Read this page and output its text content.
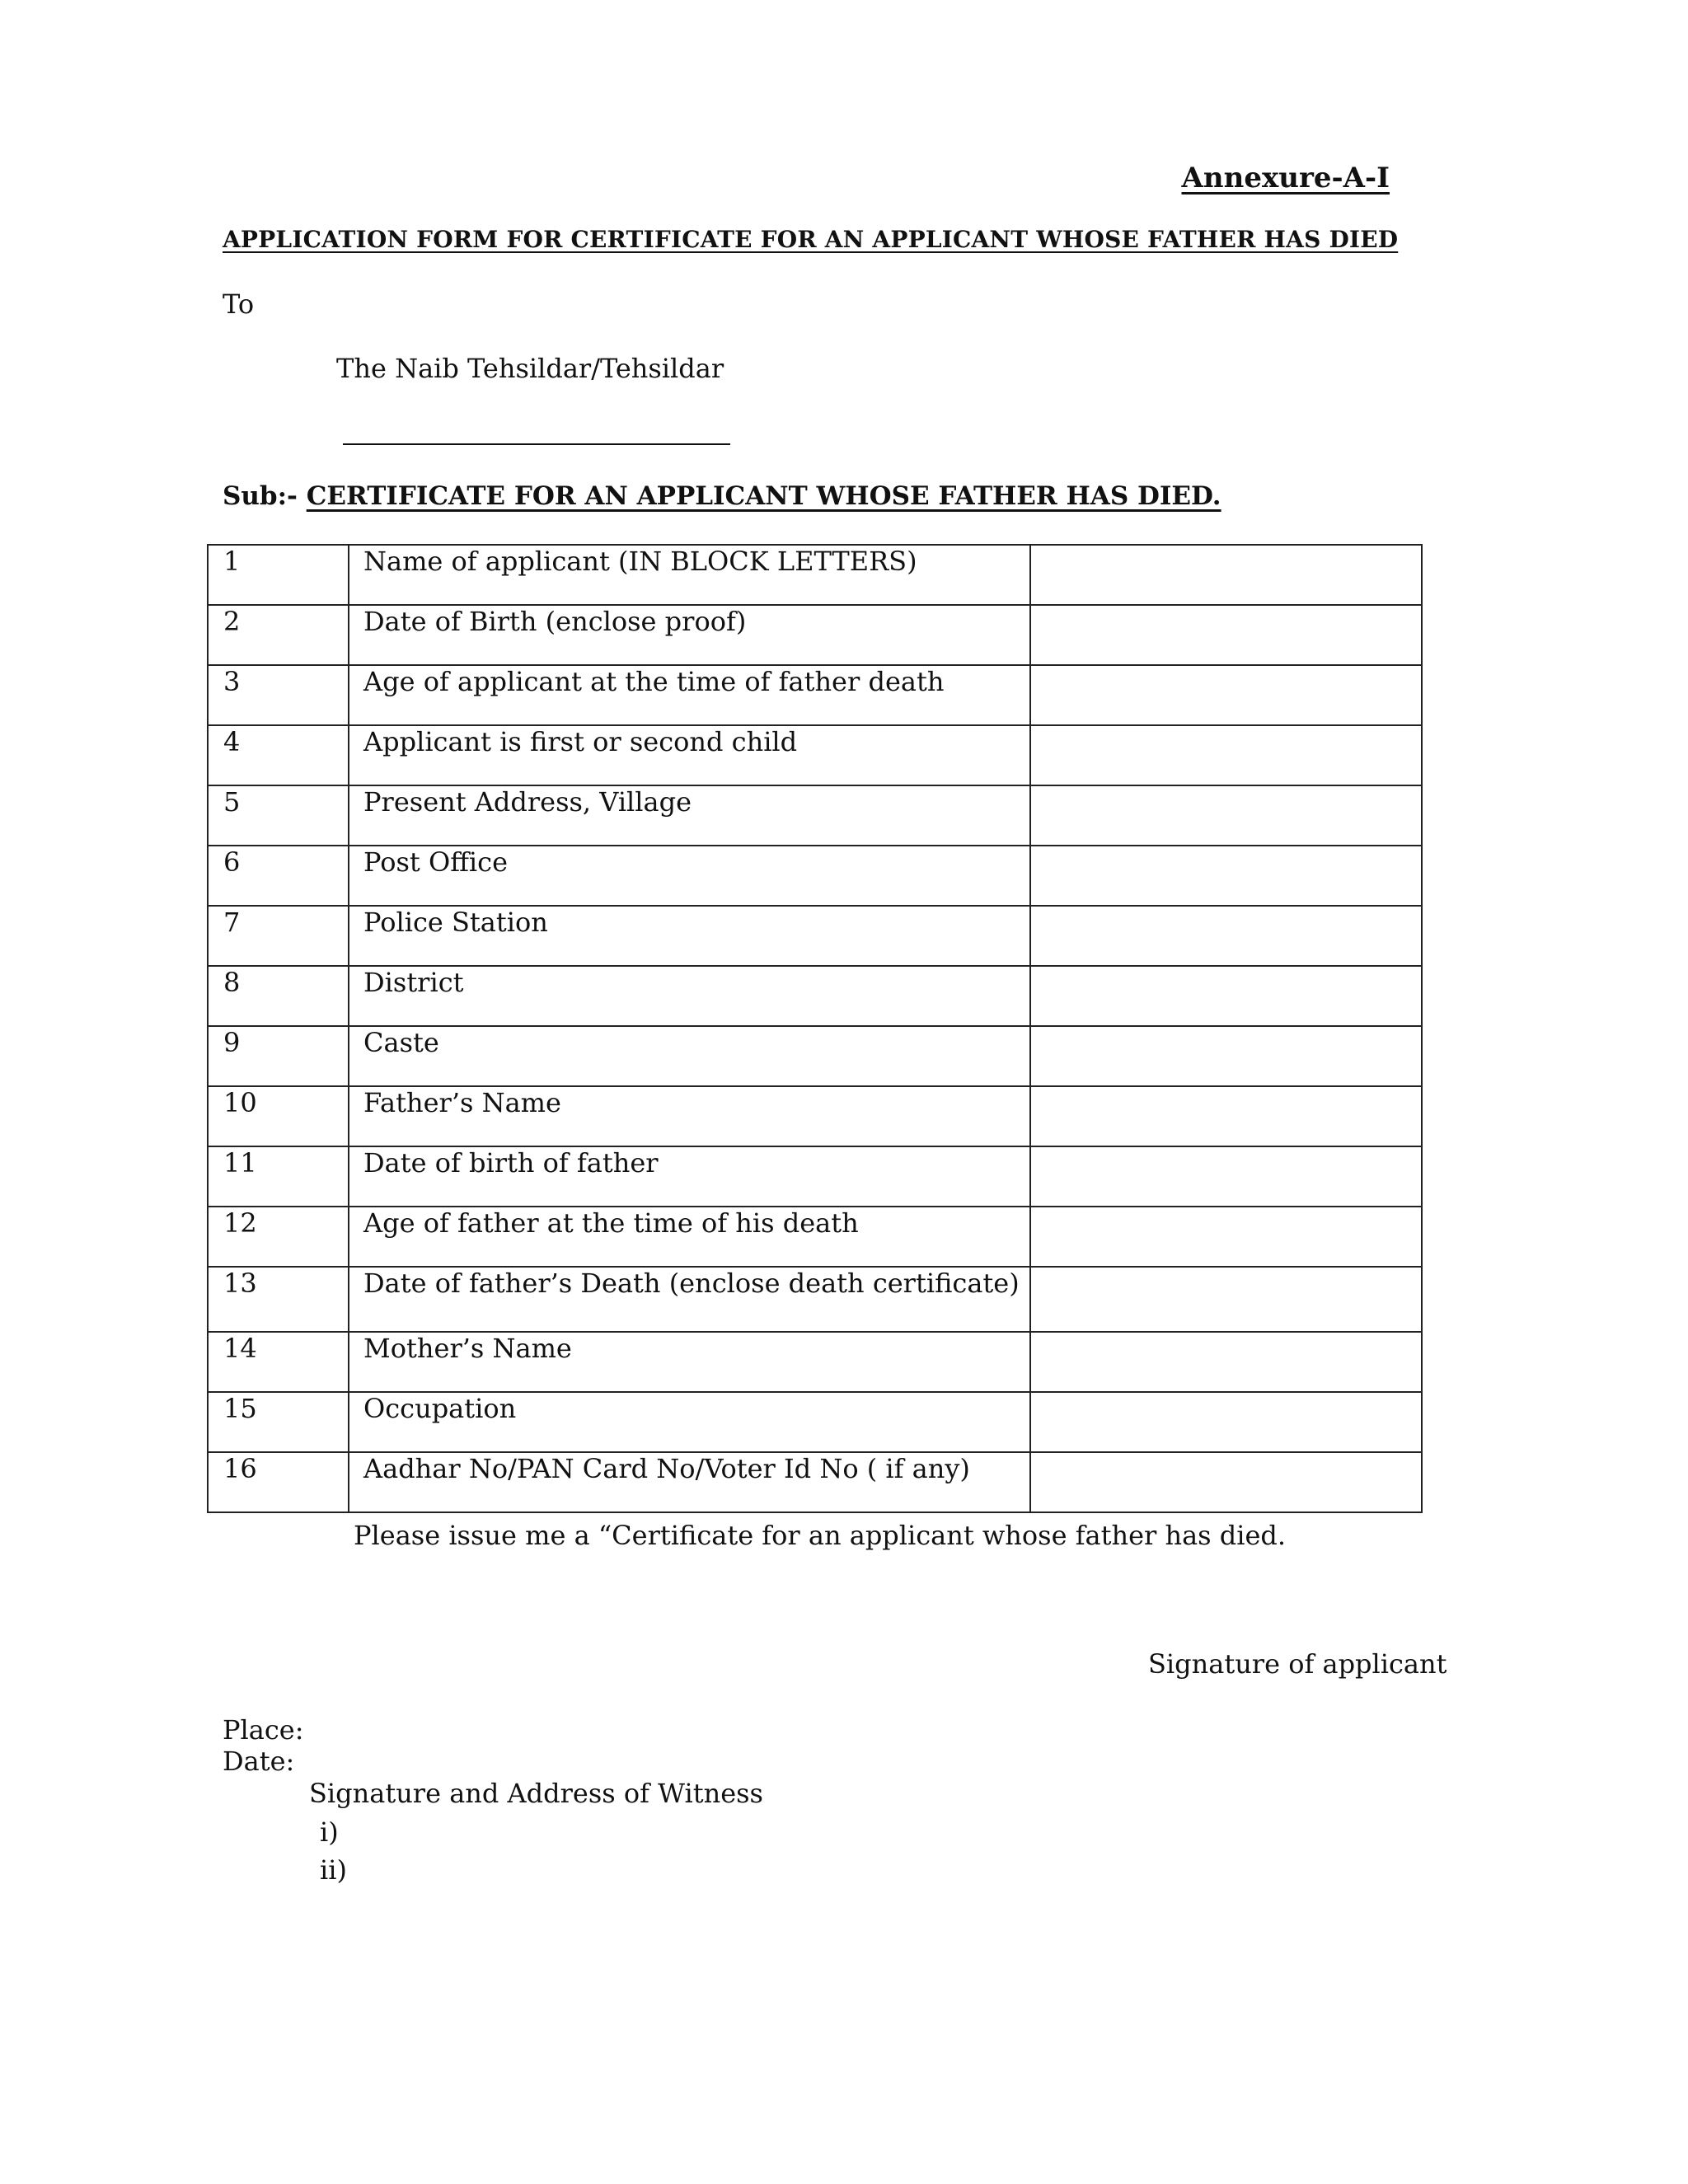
Annexure-A-I
APPLICATION FORM FOR CERTIFICATE FOR AN APPLICANT WHOSE FATHER HAS DIED
To
The Naib Tehsildar/Tehsildar
Sub:- CERTIFICATE FOR AN APPLICANT WHOSE FATHER HAS DIED.
1	Name of applicant (IN BLOCK LETTERS)	
2	Date of Birth (enclose proof)	
3	Age of applicant at the time of father death	
4	Applicant is first or second child	
5	Present Address, Village	
6	Post Office	
7	Police Station	
8	District	
9	Caste	
10	Father’s Name	
11	Date of birth of father	
12	Age of father at the time of his death	
13	Date of father’s Death (enclose death certificate)	
14	Mother’s Name	
15	Occupation	
16	Aadhar No/PAN Card No/Voter Id No ( if any)	
Please issue me a “Certificate for an applicant whose father has died.
Signature of applicant
Place:
Date:
Signature and Address of Witness
i)
ii)
